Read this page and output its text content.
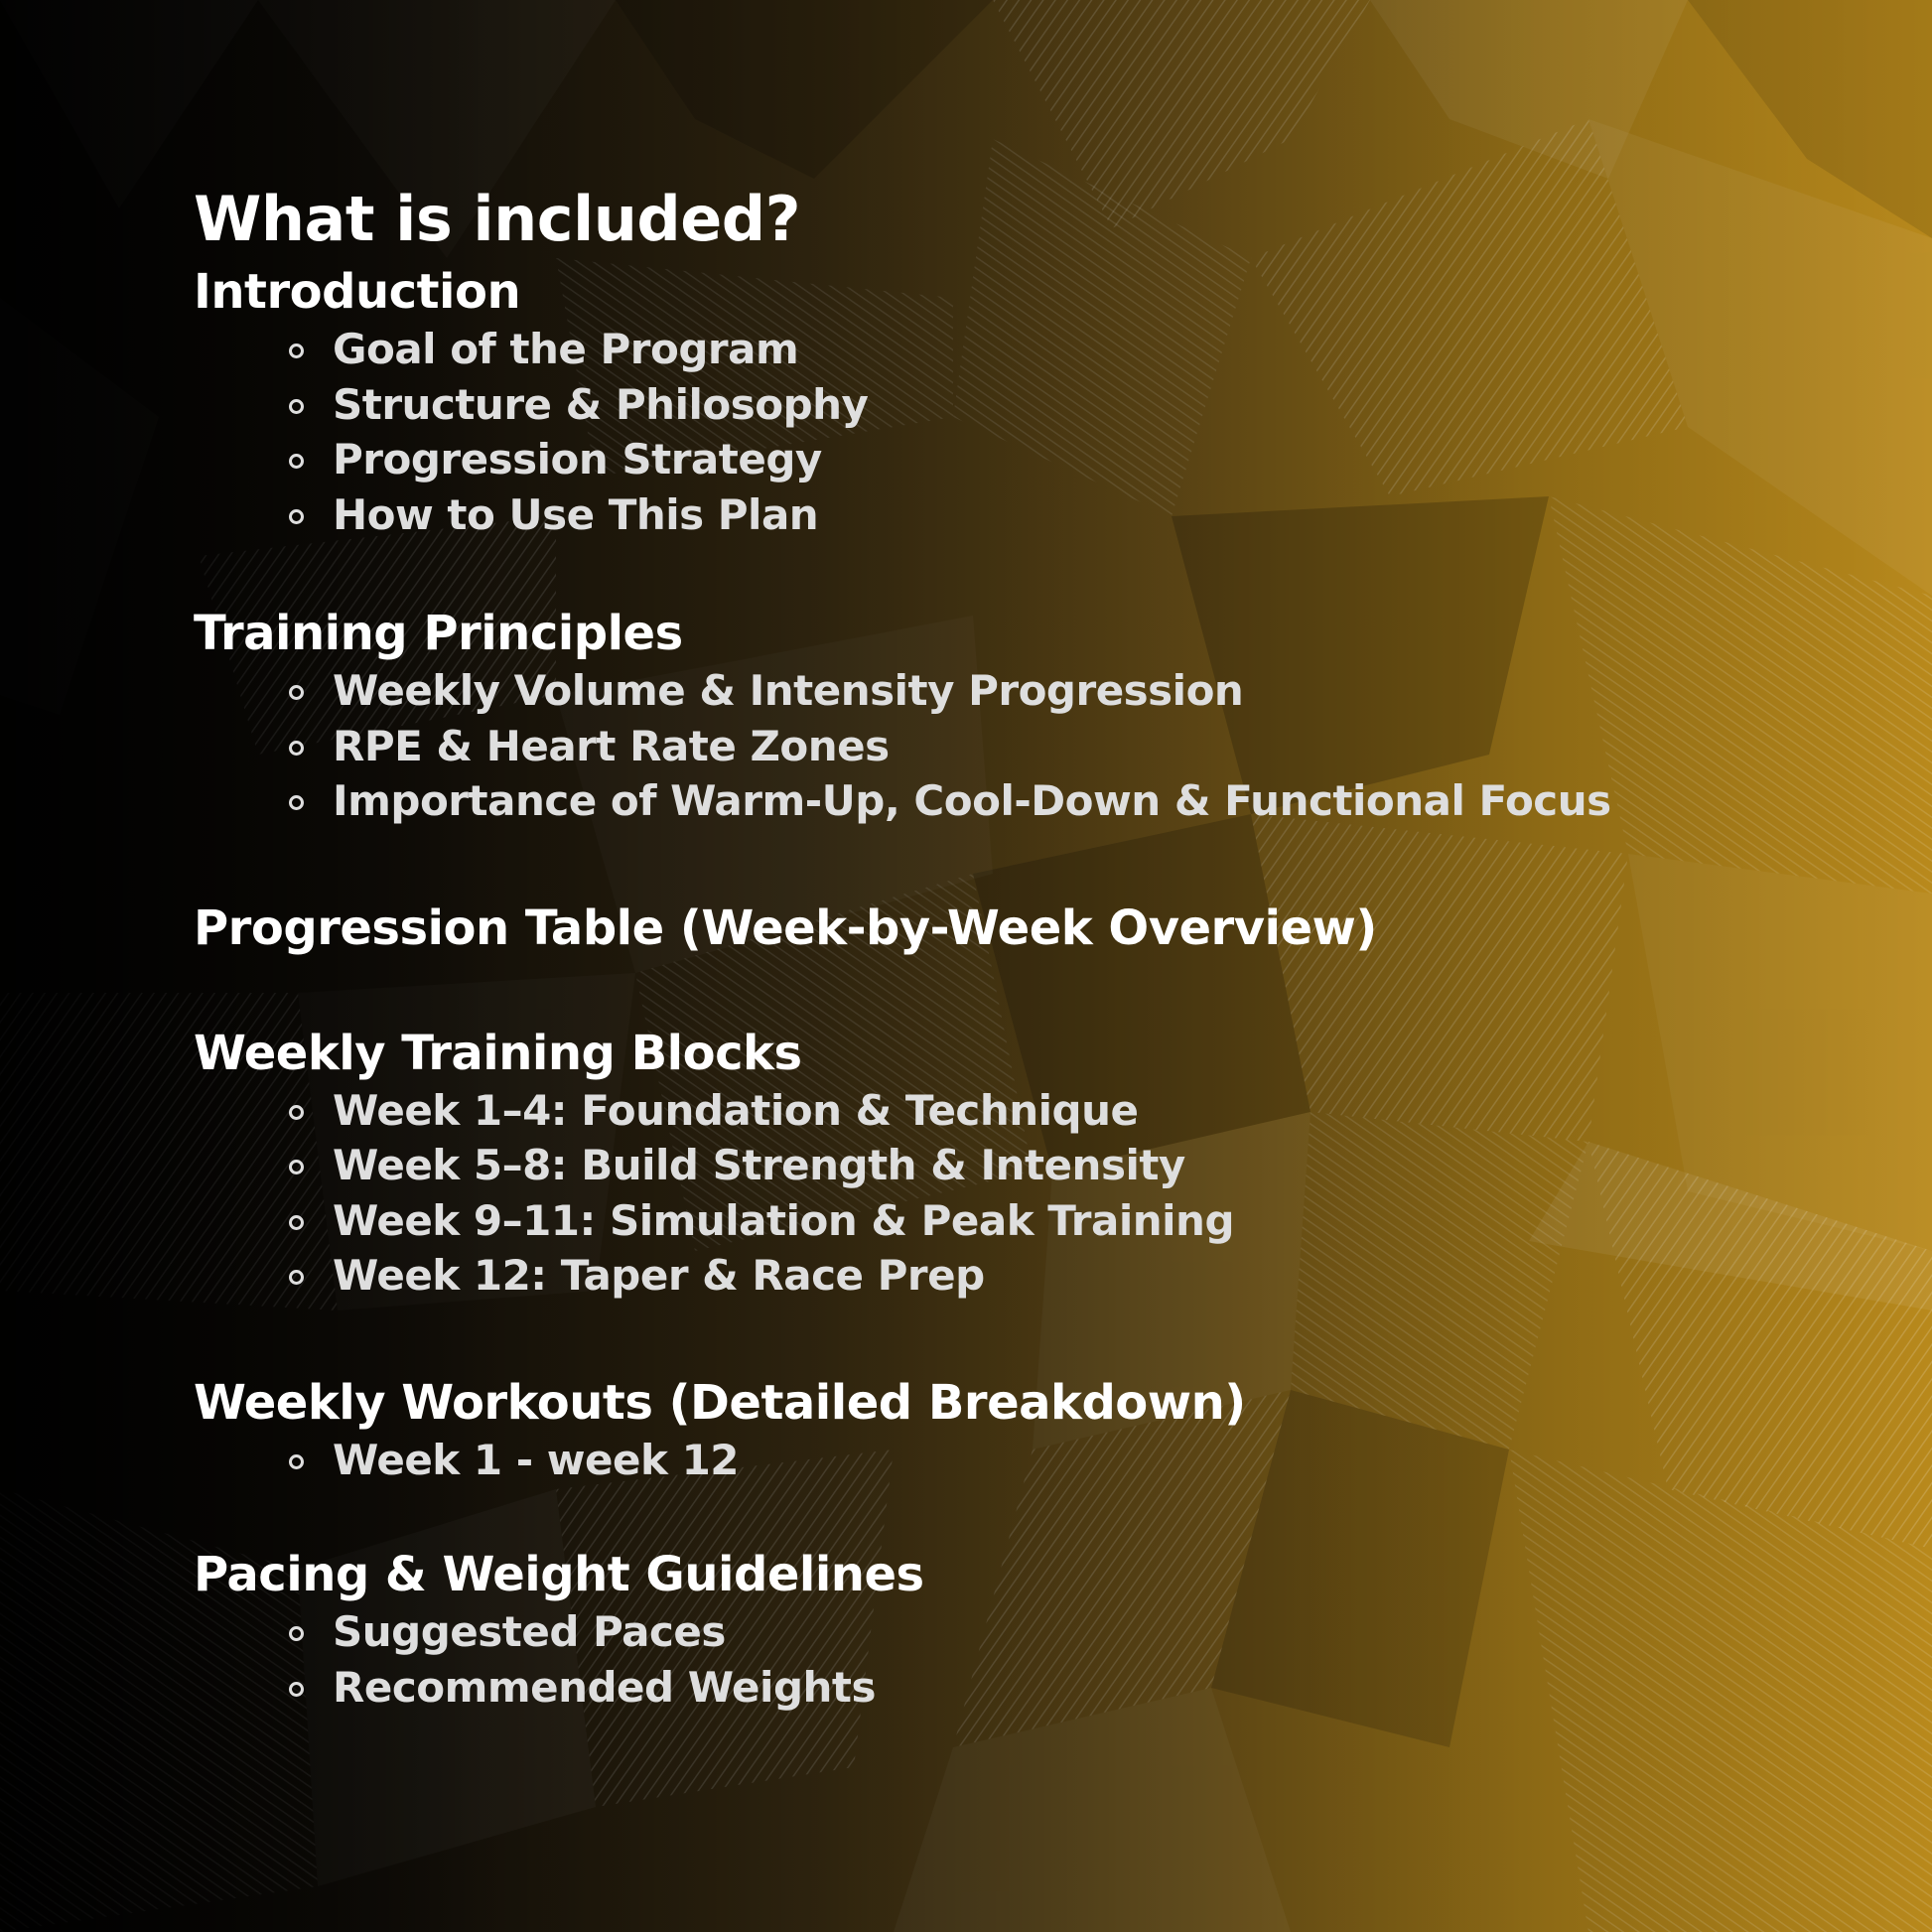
What is included?
Introduction
Goal of the Program
Structure & Philosophy
Progression Strategy
How to Use This Plan
Training Principles
Weekly Volume & Intensity Progression
RPE & Heart Rate Zones
Importance of Warm-Up, Cool-Down & Functional Focus
Progression Table (Week-by-Week Overview)
Weekly Training Blocks
Week 1–4: Foundation & Technique
Week 5–8: Build Strength & Intensity
Week 9–11: Simulation & Peak Training
Week 12: Taper & Race Prep
Weekly Workouts (Detailed Breakdown)
Week 1 - week 12
Pacing & Weight Guidelines
Suggested Paces
Recommended Weights
